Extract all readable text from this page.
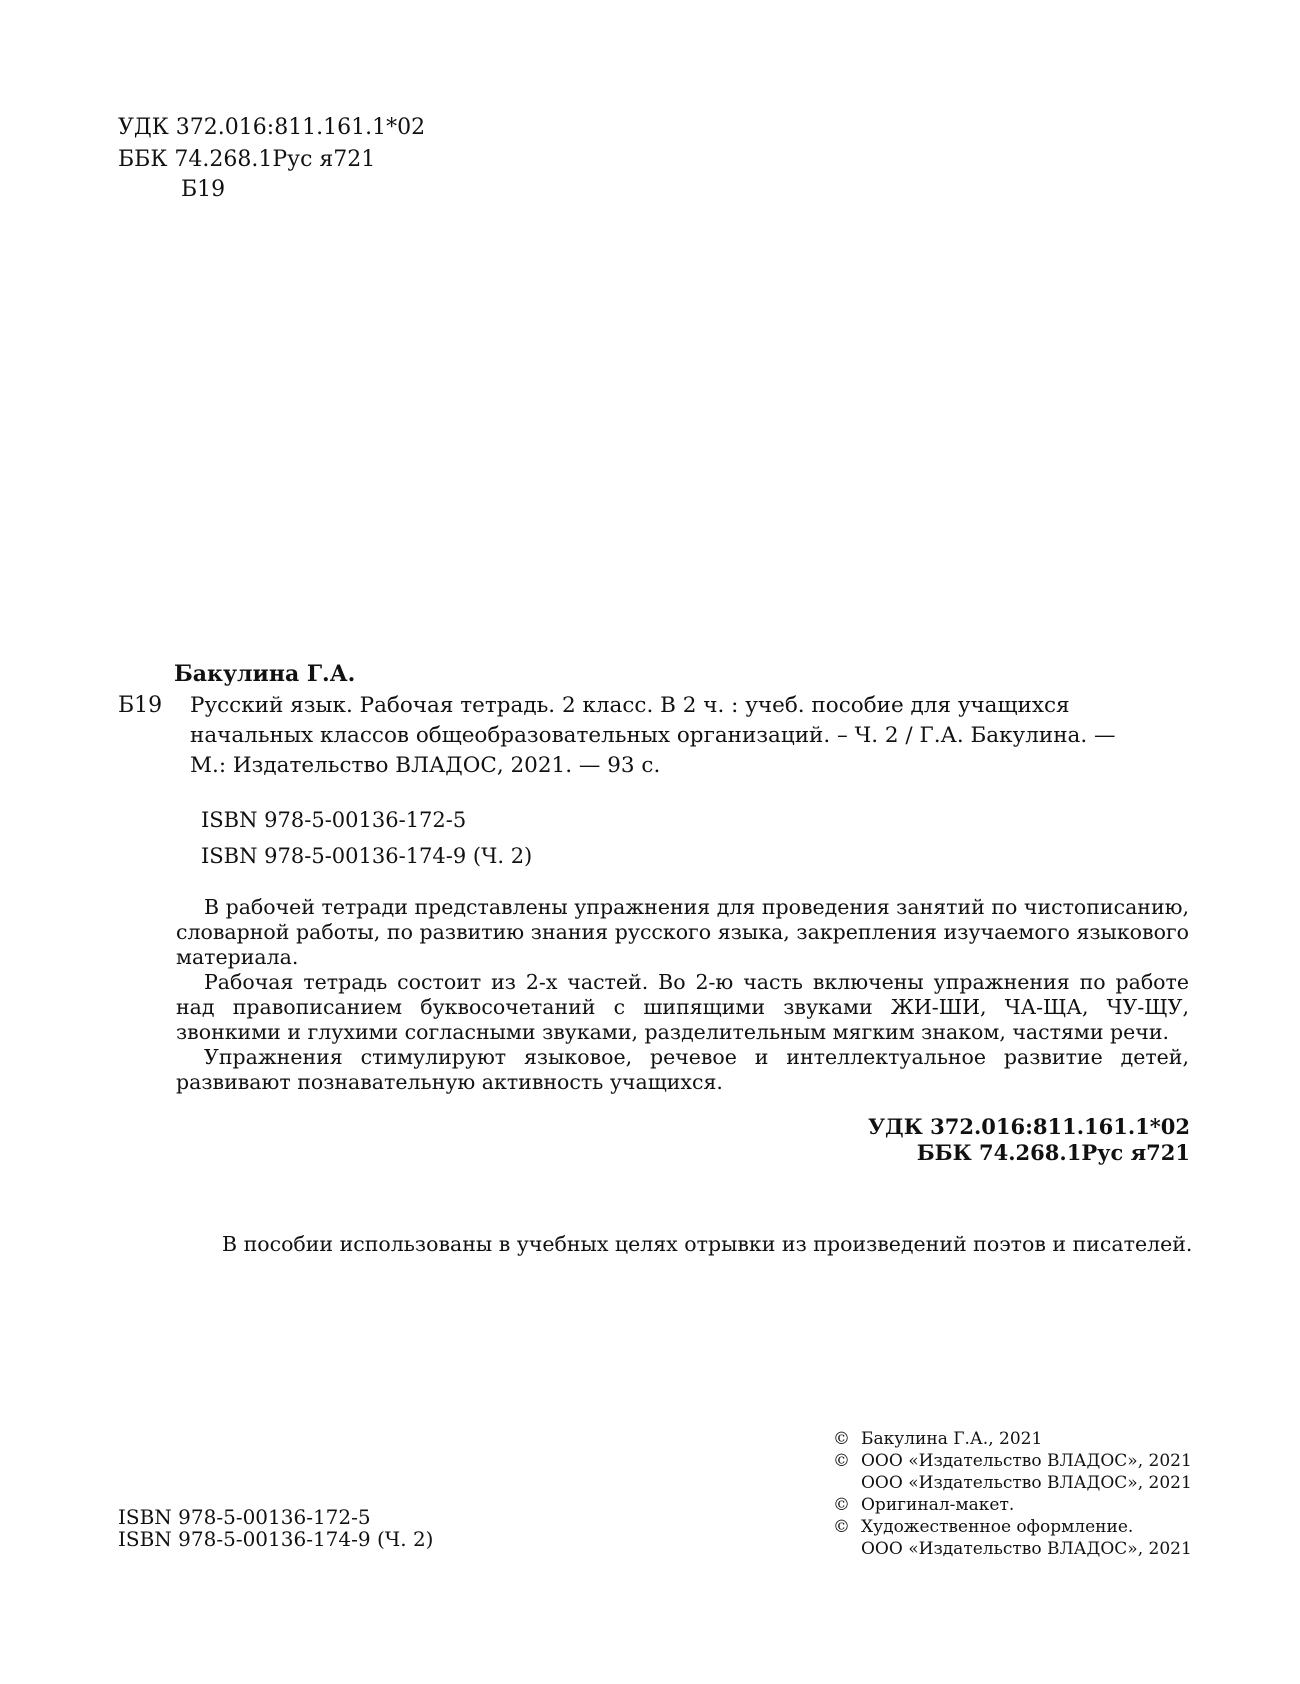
УДК 372.016:811.161.1*02
ББК 74.268.1Рус я721
Б19
Бакулина Г.А.
Б19 Русский язык. Рабочая тетрадь. 2 класс. В 2 ч. : учеб. пособие для учащихся
начальных классов общеобразовательных организаций. – Ч. 2 / Г.А. Бакулина. —
М.: Издательство ВЛАДОС, 2021. — 93 с.
ISBN 978-5-00136-172-5
ISBN 978-5-00136-174-9 (Ч. 2)

В рабочей тетради представлены упражнения для проведения занятий по чистописанию, словарной работы, по развитию знания русского языка, закрепления изучаемого языкового материала.

Рабочая тетрадь состоит из 2-х частей. Во 2-ю часть включены упражнения по работе над правописанием буквосочетаний с шипящими звуками ЖИ-ШИ, ЧА-ЩА, ЧУ-ЩУ, звонкими и глухими согласными звуками, разделительным мягким знаком, частями речи.

Упражнения стимулируют языковое, речевое и интеллектуальное развитие детей, развивают познавательную активность учащихся.

УДК 372.016:811.161.1*02
ББК 74.268.1Рус я721
В пособии использованы в учебных целях отрывки из произведений поэтов и писателей.
ISBN 978-5-00136-172-5
ISBN 978-5-00136-174-9 (Ч. 2)
© Бакулина Г.А., 2021
© ООО «Издательство ВЛАДОС», 2021
ООО «Издательство ВЛАДОС», 2021
© Оригинал-макет.
© Художественное оформление.
ООО «Издательство ВЛАДОС», 2021
